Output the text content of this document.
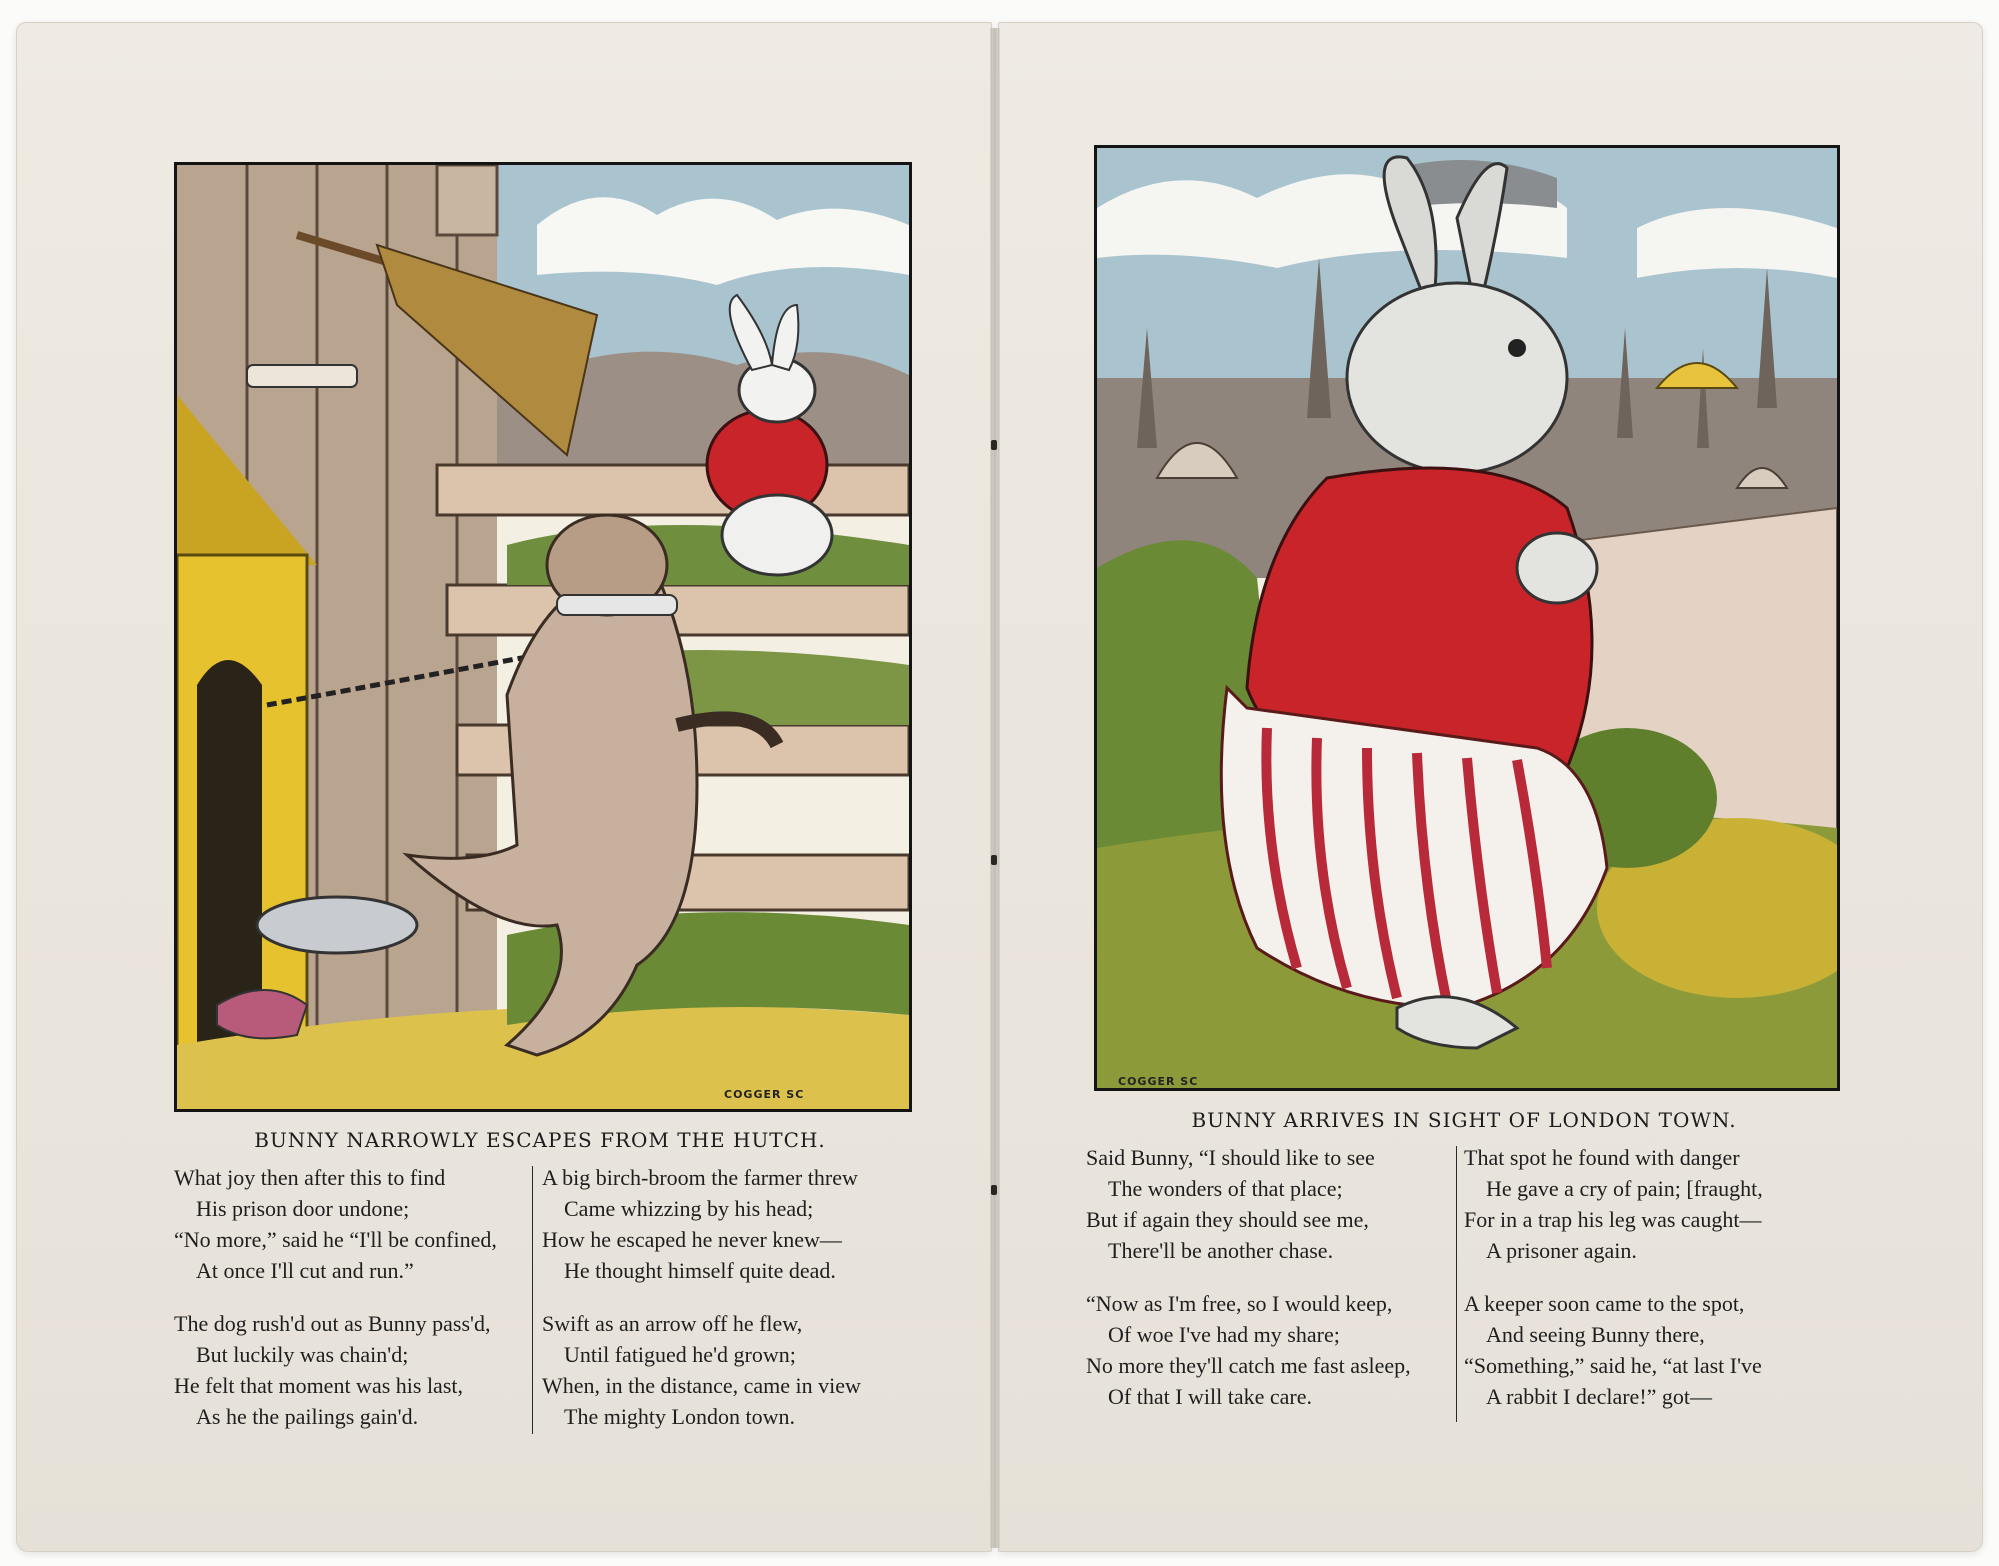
COGGER SC
BUNNY NARROWLY ESCAPES FROM THE HUTCH.
What joy then after this to find
His prison door undone;
“No more,” said he “I'll be confined,
At once I'll cut and run.”
The dog rush'd out as Bunny pass'd,
But luckily was chain'd;
He felt that moment was his last,
As he the pailings gain'd.
A big birch-broom the farmer threw
Came whizzing by his head;
How he escaped he never knew—
He thought himself quite dead.
Swift as an arrow off he flew,
Until fatigued he'd grown;
When, in the distance, came in view
The mighty London town.
COGGER SC
BUNNY ARRIVES IN SIGHT OF LONDON TOWN.
Said Bunny, “I should like to see
The wonders of that place;
But if again they should see me,
There'll be another chase.
“Now as I'm free, so I would keep,
Of woe I've had my share;
No more they'll catch me fast asleep,
Of that I will take care.
That spot he found with danger
He gave a cry of pain; [fraught,
For in a trap his leg was caught—
A prisoner again.
A keeper soon came to the spot,
And seeing Bunny there,
“Something,” said he, “at last I've
A rabbit I declare!” got—
